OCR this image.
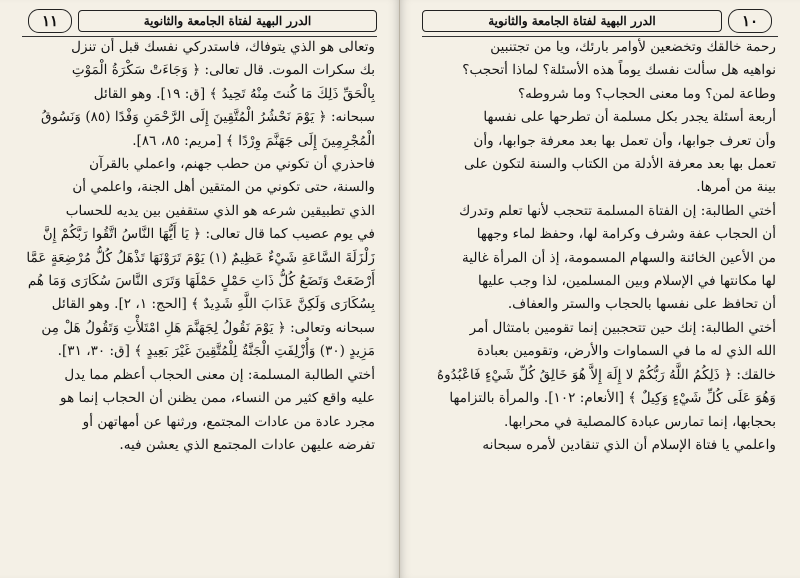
١١	الدرر البهية لفتاة الجامعة والثانوية

وتعالى هو الذي يتوفاك، فاستدركي نفسك قبل أن تنزل

بك سكرات الموت. قال تعالى: ﴿ وَجَاءَتْ سَكْرَةُ الْمَوْتِ

بِالْحَقِّ ذَلِكَ مَا كُنتَ مِنْهُ تَحِيدُ ﴾ [ق: ١٩]. وهو القائل

سبحانه: ﴿ يَوْمَ نَحْشُرُ الْمُتَّقِينَ إِلَى الرَّحْمَنِ وَفْدًا (٨٥) وَنَسُوقُ

الْمُجْرِمِينَ إِلَى جَهَنَّمَ وِرْدًا ﴾ [مريم: ٨٥، ٨٦].

فاحذري أن تكوني من حطب جهنم، واعملي بالقرآن

والسنة، حتى تكوني من المتقين أهل الجنة، واعلمي أن

الذي تطبيقين شرعه هو الذي ستقفين بين يديه للحساب

في يوم عصيب كما قال تعالى: ﴿ يَا أَيُّهَا النَّاسُ اتَّقُوا رَبَّكُمْ إِنَّ

زَلْزَلَةَ السَّاعَةِ شَيْءٌ عَظِيمٌ (١) يَوْمَ تَرَوْنَهَا تَذْهَلُ كُلُّ مُرْضِعَةٍ عَمَّا

أَرْضَعَتْ وَتَضَعُ كُلُّ ذَاتِ حَمْلٍ حَمْلَهَا وَتَرَى النَّاسَ سُكَارَى وَمَا هُم

بِسُكَارَى وَلَكِنَّ عَذَابَ اللَّهِ شَدِيدٌ ﴾ [الحج: ١، ٢]. وهو القائل

سبحانه وتعالى: ﴿ يَوْمَ نَقُولُ لِجَهَنَّمَ هَلِ امْتَلأْتِ وَتَقُولُ هَلْ مِن

مَزِيدٍ (٣٠) وَأُزْلِفَتِ الْجَنَّةُ لِلْمُتَّقِينَ غَيْرَ بَعِيدٍ ﴾ [ق: ٣٠، ٣١].

أختي الطالبة المسلمة: إن معنى الحجاب أعظم مما يدل

عليه واقع كثير من النساء، ممن يظنن أن الحجاب إنما هو

مجرد عادة من عادات المجتمع، ورثنها عن أمهاتهن أو

تفرضه عليهن عادات المجتمع الذي يعشن فيه.

الدرر البهية لفتاة الجامعة والثانوية	١٠

رحمة خالقك وتخضعين لأوامر بارئك، ويا من تجتنبين

نواهيه هل سألت نفسك يوماً هذه الأسئلة؟ لماذا أتحجب؟

وطاعة لمن؟ وما معنى الحجاب؟ وما شروطه؟

أربعة أسئلة يجدر بكل مسلمة أن تطرحها على نفسها

وأن تعرف جوابها، وأن تعمل بها بعد معرفة جوابها، وأن

تعمل بها بعد معرفة الأدلة من الكتاب والسنة لتكون على

بينة من أمرها.

أختي الطالبة: إن الفتاة المسلمة تتحجب لأنها تعلم وتدرك

أن الحجاب عفة وشرف وكرامة لها، وحفظ لماء وجهها

من الأعين الخائنة والسهام المسمومة، إذ أن المرأة غالية

لها مكانتها في الإسلام وبين المسلمين، لذا وجب عليها

أن تحافظ على نفسها بالحجاب والستر والعفاف.

أختي الطالبة: إنك حين تتحجبين إنما تقومين بامتثال أمر

الله الذي له ما في السماوات والأرض، وتقومين بعبادة

خالقك: ﴿ ذَلِكُمُ اللَّهُ رَبُّكُمْ لا إِلَهَ إِلاَّ هُوَ خَالِقُ كُلِّ شَيْءٍ فَاعْبُدُوهُ

وَهُوَ عَلَى كُلِّ شَيْءٍ وَكِيلٌ ﴾ [الأنعام: ١٠٢]. والمرأة بالتزامها

بحجابها، إنما تمارس عبادة كالمصلية في محرابها.

واعلمي يا فتاة الإسلام أن الذي تنقادين لأمره سبحانه
